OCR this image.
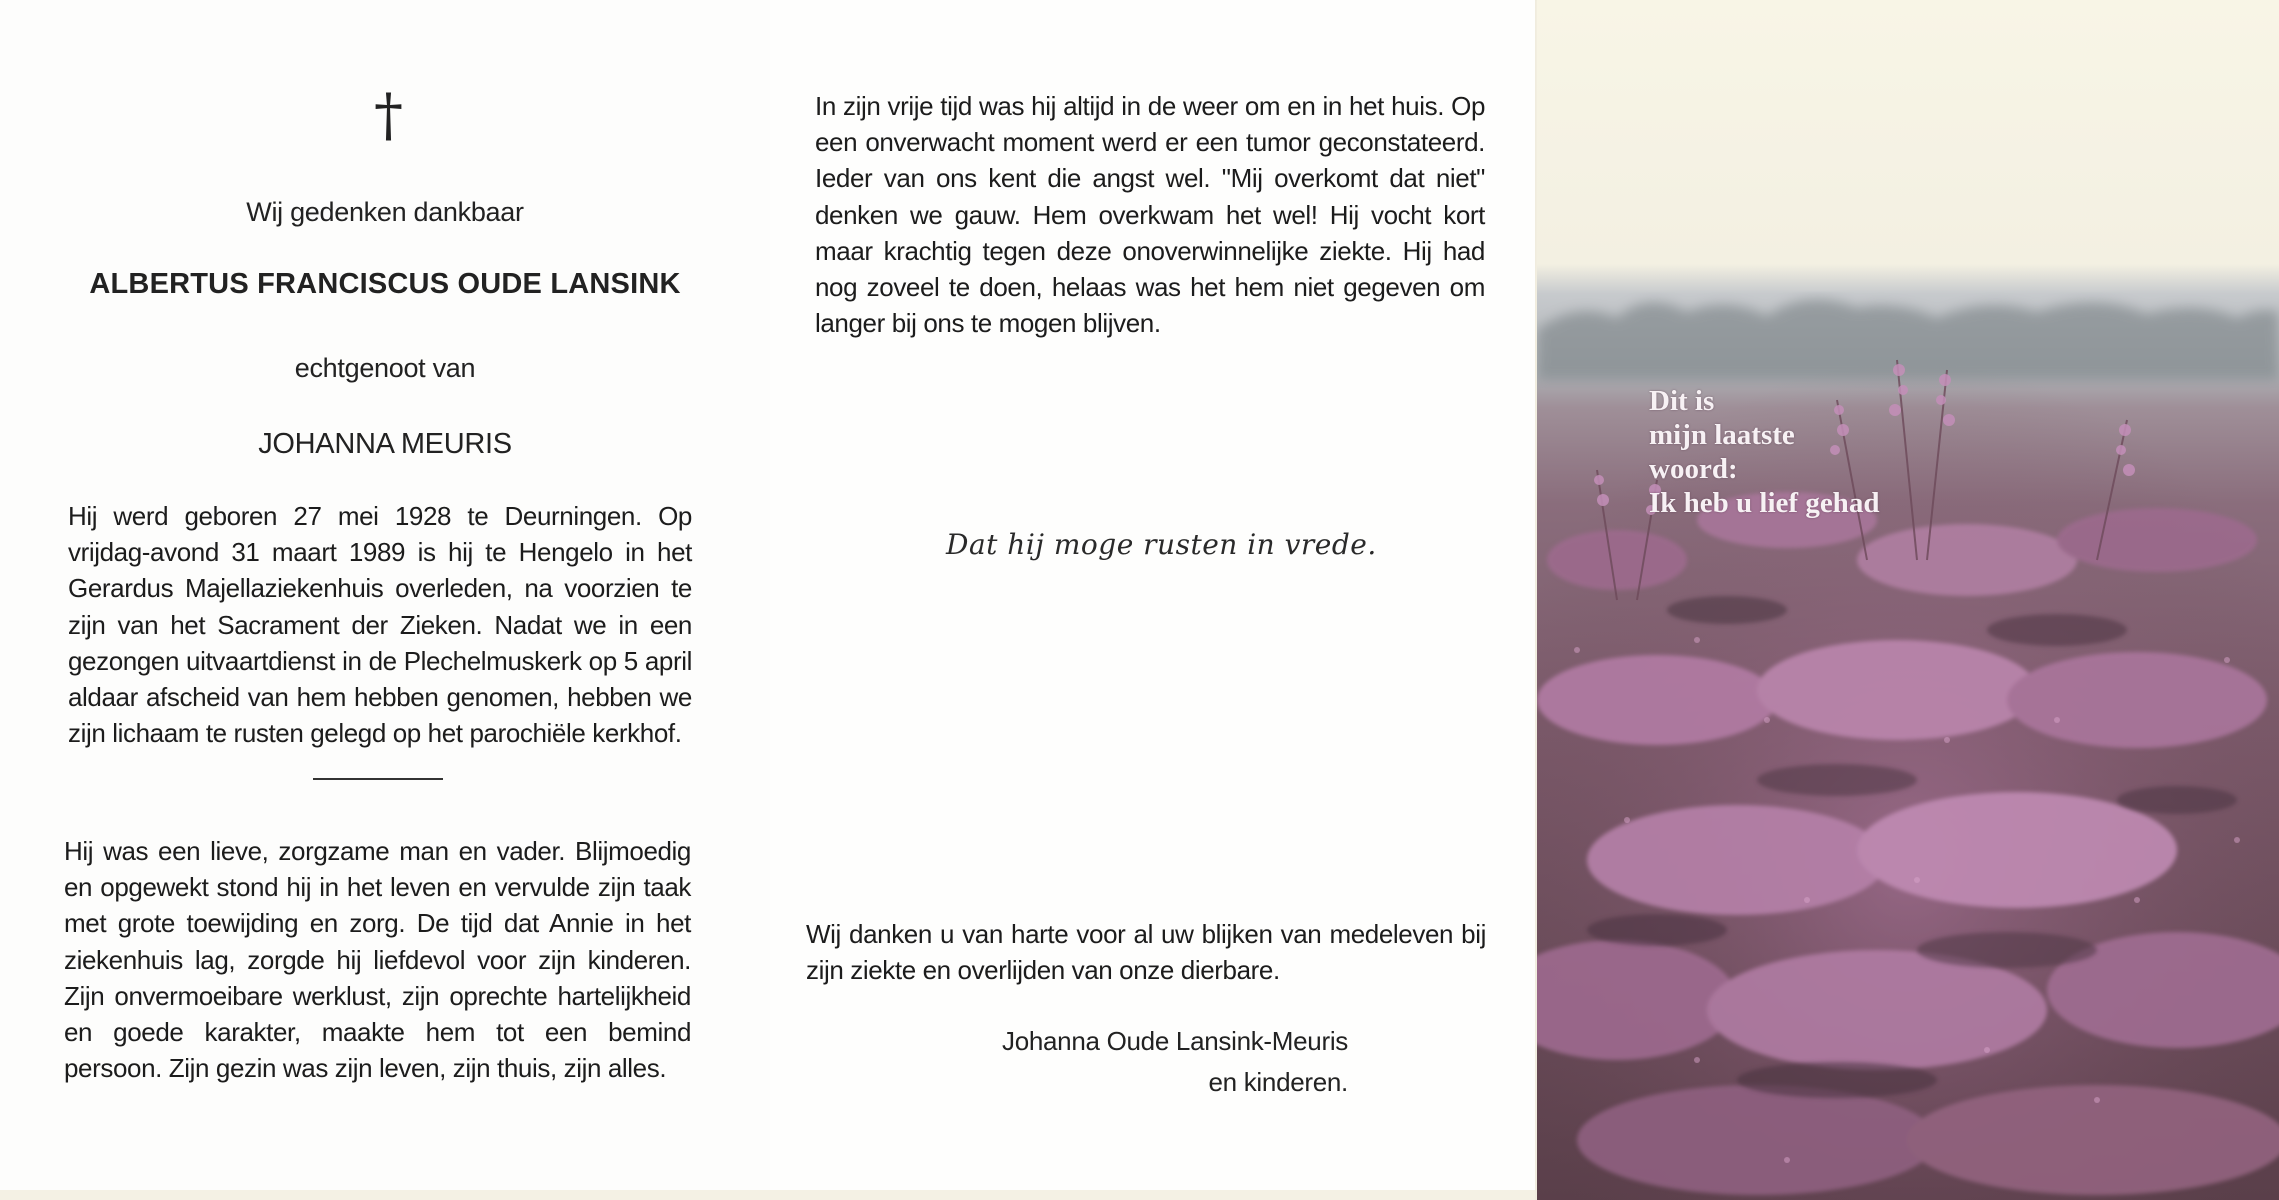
†
Wij gedenken dankbaar
ALBERTUS FRANCISCUS OUDE LANSINK
echtgenoot van
JOHANNA MEURIS

Hij werd geboren 27 mei 1928 te Deurningen. Op vrijdag-avond 31 maart 1989 is hij te Hengelo in het Gerardus Majellaziekenhuis overleden, na voorzien te zijn van het Sacrament der Zieken. Nadat we in een gezongen uitvaartdienst in de Plechelmuskerk op 5 april aldaar afscheid van hem hebben genomen, hebben we zijn lichaam te rusten gelegd op het parochiële kerkhof.

Hij was een lieve, zorgzame man en vader. Blijmoedig en opgewekt stond hij in het leven en vervulde zijn taak met grote toewijding en zorg. De tijd dat Annie in het ziekenhuis lag, zorgde hij liefdevol voor zijn kinderen. Zijn onvermoeibare werklust, zijn oprechte hartelijkheid en goede karakter, maakte hem tot een bemind persoon. Zijn gezin was zijn leven, zijn thuis, zijn alles.

In zijn vrije tijd was hij altijd in de weer om en in het huis. Op een onverwacht moment werd er een tumor geconstateerd. Ieder van ons kent die angst wel. "Mij overkomt dat niet" denken we gauw. Hem overkwam het wel! Hij vocht kort maar krachtig tegen deze onoverwinnelijke ziekte. Hij had nog zoveel te doen, helaas was het hem niet gegeven om langer bij ons te mogen blijven.

Dat hij moge rusten in vrede.

Wij danken u van harte voor al uw blijken van medeleven bij zijn ziekte en overlijden van onze dierbare.

Johanna Oude Lansink-Meuris
en kinderen.
Dit is
mijn laatste
woord:
Ik heb u lief gehad
